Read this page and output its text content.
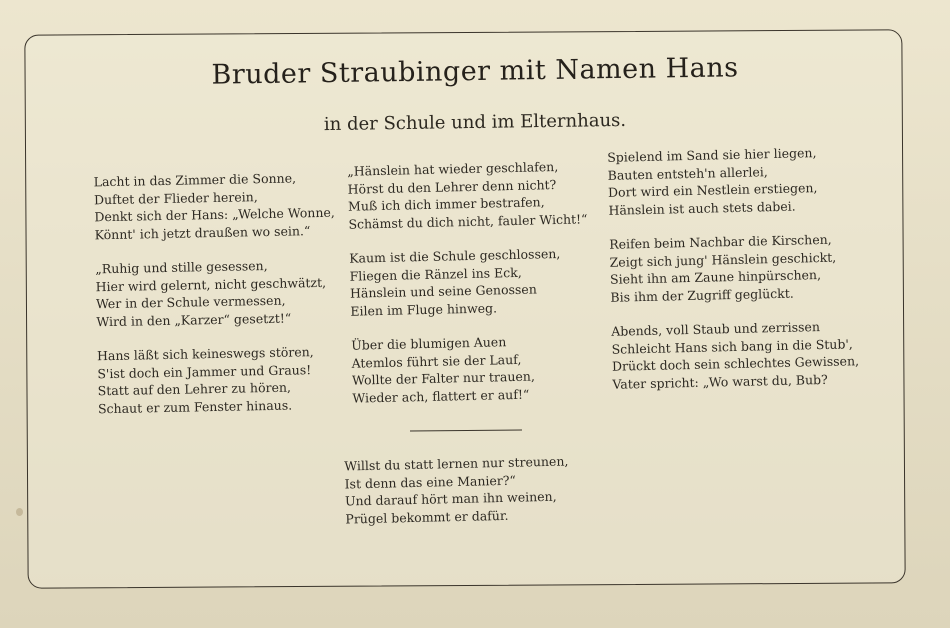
Bruder Straubinger mit Namen Hans
in der Schule und im Elternhaus.
Lacht in das Zimmer die Sonne,
Duftet der Flieder herein,
Denkt sich der Hans: „Welche Wonne,
Könnt' ich jetzt draußen wo sein.“
„Ruhig und stille gesessen,
Hier wird gelernt, nicht geschwätzt,
Wer in der Schule vermessen,
Wird in den „Karzer“ gesetzt!“
Hans läßt sich keineswegs stören,
S'ist doch ein Jammer und Graus!
Statt auf den Lehrer zu hören,
Schaut er zum Fenster hinaus.
„Hänslein hat wieder geschlafen,
Hörst du den Lehrer denn nicht?
Muß ich dich immer bestrafen,
Schämst du dich nicht, fauler Wicht!“
Kaum ist die Schule geschlossen,
Fliegen die Ränzel ins Eck,
Hänslein und seine Genossen
Eilen im Fluge hinweg.
Über die blumigen Auen
Atemlos führt sie der Lauf,
Wollte der Falter nur trauen,
Wieder ach, flattert er auf!“
Spielend im Sand sie hier liegen,
Bauten entsteh'n allerlei,
Dort wird ein Nestlein erstiegen,
Hänslein ist auch stets dabei.
Reifen beim Nachbar die Kirschen,
Zeigt sich jung' Hänslein geschickt,
Sieht ihn am Zaune hinpürschen,
Bis ihm der Zugriff geglückt.
Abends, voll Staub und zerrissen
Schleicht Hans sich bang in die Stub',
Drückt doch sein schlechtes Gewissen,
Vater spricht: „Wo warst du, Bub?
Willst du statt lernen nur streunen,
Ist denn das eine Manier?“
Und darauf hört man ihn weinen,
Prügel bekommt er dafür.
